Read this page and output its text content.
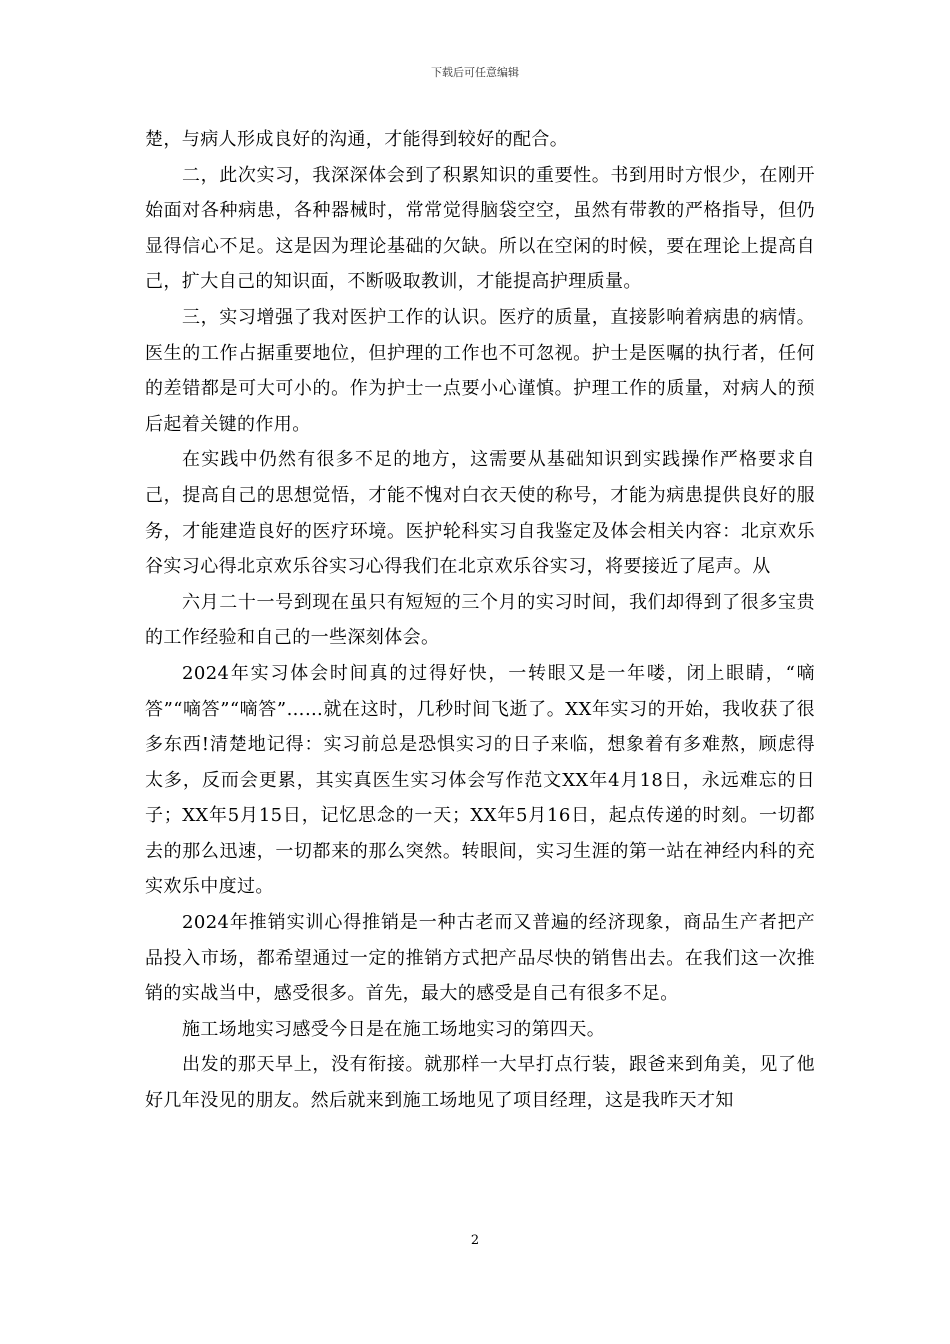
下载后可任意编辑

楚，与病人形成良好的沟通，才能得到较好的配合。

二，此次实习，我深深体会到了积累知识的重要性。书到用时方恨少，在刚开始面对各种病患，各种器械时，常常觉得脑袋空空，虽然有带教的严格指导，但仍显得信心不足。这是因为理论基础的欠缺。所以在空闲的时候，要在理论上提高自己，扩大自己的知识面，不断吸取教训，才能提高护理质量。

三，实习增强了我对医护工作的认识。医疗的质量，直接影响着病患的病情。医生的工作占据重要地位，但护理的工作也不可忽视。护士是医嘱的执行者，任何的差错都是可大可小的。作为护士一点要小心谨慎。护理工作的质量，对病人的预后起着关键的作用。

在实践中仍然有很多不足的地方，这需要从基础知识到实践操作严格要求自己，提高自己的思想觉悟，才能不愧对白衣天使的称号，才能为病患提供良好的服务，才能建造良好的医疗环境。医护轮科实习自我鉴定及体会相关内容：北京欢乐谷实习心得北京欢乐谷实习心得我们在北京欢乐谷实习，将要接近了尾声。从

六月二十一号到现在虽只有短短的三个月的实习时间，我们却得到了很多宝贵的工作经验和自己的一些深刻体会。

2024年实习体会时间真的过得好快，一转眼又是一年喽，闭上眼睛，“嘀答”“嘀答”“嘀答”……就在这时，几秒时间飞逝了。XX年实习的开始，我收获了很多东西!清楚地记得：实习前总是恐惧实习的日子来临，想象着有多难熬，顾虑得太多，反而会更累，其实真医生实习体会写作范文XX年4月18日，永远难忘的日子；XX年5月15日，记忆思念的一天；XX年5月16日，起点传递的时刻。一切都去的那么迅速，一切都来的那么突然。转眼间，实习生涯的第一站在神经内科的充实欢乐中度过。

2024年推销实训心得推销是一种古老而又普遍的经济现象，商品生产者把产品投入市场，都希望通过一定的推销方式把产品尽快的销售出去。在我们这一次推销的实战当中，感受很多。首先，最大的感受是自己有很多不足。

施工场地实习感受今日是在施工场地实习的第四天。

出发的那天早上，没有衔接。就那样一大早打点行装，跟爸来到角美，见了他好几年没见的朋友。然后就来到施工场地见了项目经理，这是我昨天才知

2
